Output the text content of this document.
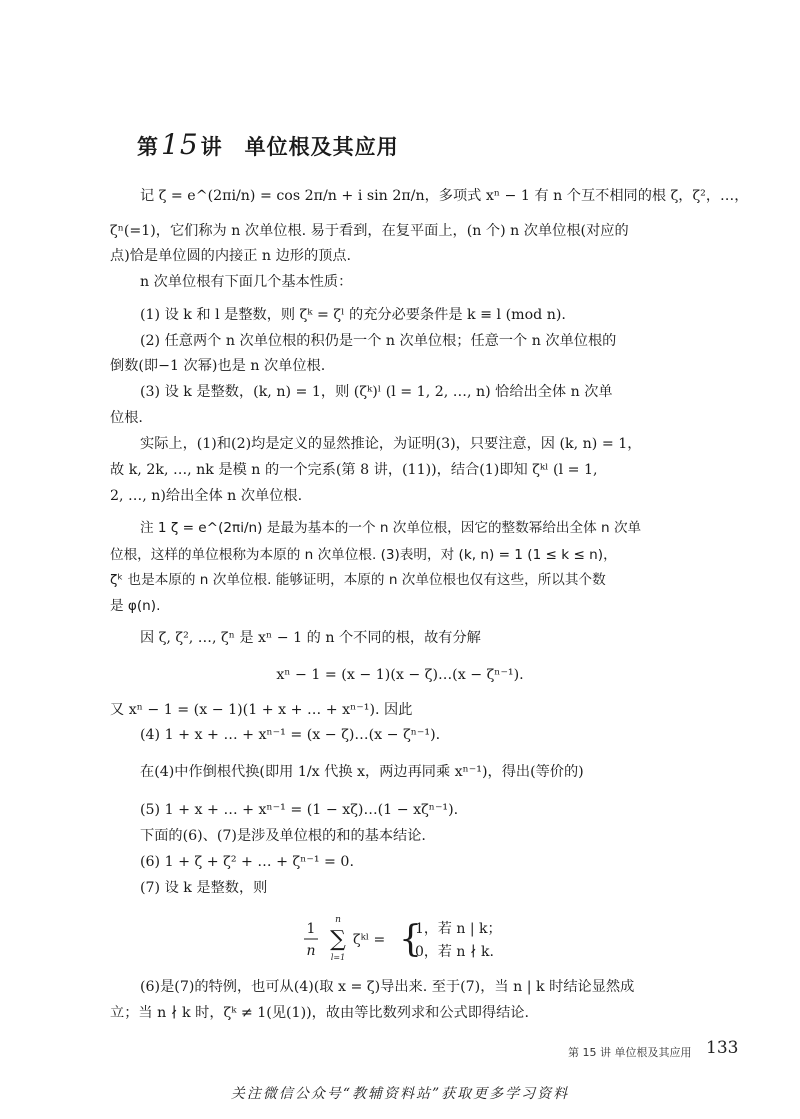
第15讲 单位根及其应用
记 ζ = e^(2πi/n) = cos 2π/n + i sin 2π/n，多项式 xⁿ − 1 有 n 个互不相同的根 ζ，ζ²，…，
ζⁿ(=1)，它们称为 n 次单位根. 易于看到，在复平面上，(n 个) n 次单位根(对应的
点)恰是单位圆的内接正 n 边形的顶点.
n 次单位根有下面几个基本性质：
(1) 设 k 和 l 是整数，则 ζᵏ = ζˡ 的充分必要条件是 k ≡ l (mod n).
(2) 任意两个 n 次单位根的积仍是一个 n 次单位根；任意一个 n 次单位根的
倒数(即−1 次幂)也是 n 次单位根.
(3) 设 k 是整数，(k, n) = 1，则 (ζᵏ)ˡ (l = 1, 2, …, n) 恰给出全体 n 次单
位根.
实际上，(1)和(2)均是定义的显然推论，为证明(3)，只要注意，因 (k, n) = 1，
故 k, 2k, …, nk 是模 n 的一个完系(第 8 讲，(11))，结合(1)即知 ζᵏˡ (l = 1,
2, …, n)给出全体 n 次单位根.
注 1 ζ = e^(2πi/n) 是最为基本的一个 n 次单位根，因它的整数幂给出全体 n 次单
位根，这样的单位根称为本原的 n 次单位根. (3)表明，对 (k, n) = 1 (1 ≤ k ≤ n)，
ζᵏ 也是本原的 n 次单位根. 能够证明，本原的 n 次单位根也仅有这些，所以其个数
是 φ(n).
因 ζ, ζ², …, ζⁿ 是 xⁿ − 1 的 n 个不同的根，故有分解
xⁿ − 1 = (x − 1)(x − ζ)…(x − ζⁿ⁻¹).
又 xⁿ − 1 = (x − 1)(1 + x + … + xⁿ⁻¹). 因此
(4) 1 + x + … + xⁿ⁻¹ = (x − ζ)…(x − ζⁿ⁻¹).
在(4)中作倒根代换(即用 1/x 代换 x，两边再同乘 xⁿ⁻¹)，得出(等价的)
(5) 1 + x + … + xⁿ⁻¹ = (1 − xζ)…(1 − xζⁿ⁻¹).
下面的(6)、(7)是涉及单位根的和的基本结论.
(6) 1 + ζ + ζ² + … + ζⁿ⁻¹ = 0.
(7) 设 k 是整数，则
1
n
n
∑
l=1
ζᵏˡ = {
1，若 n | k；
0，若 n ∤ k.
(6)是(7)的特例，也可从(4)(取 x = ζ)导出来. 至于(7)，当 n | k 时结论显然成
立；当 n ∤ k 时，ζᵏ ≠ 1(见(1))，故由等比数列求和公式即得结论.
第 15 讲 单位根及其应用 133
关注微信公众号“教辅资料站”获取更多学习资料
